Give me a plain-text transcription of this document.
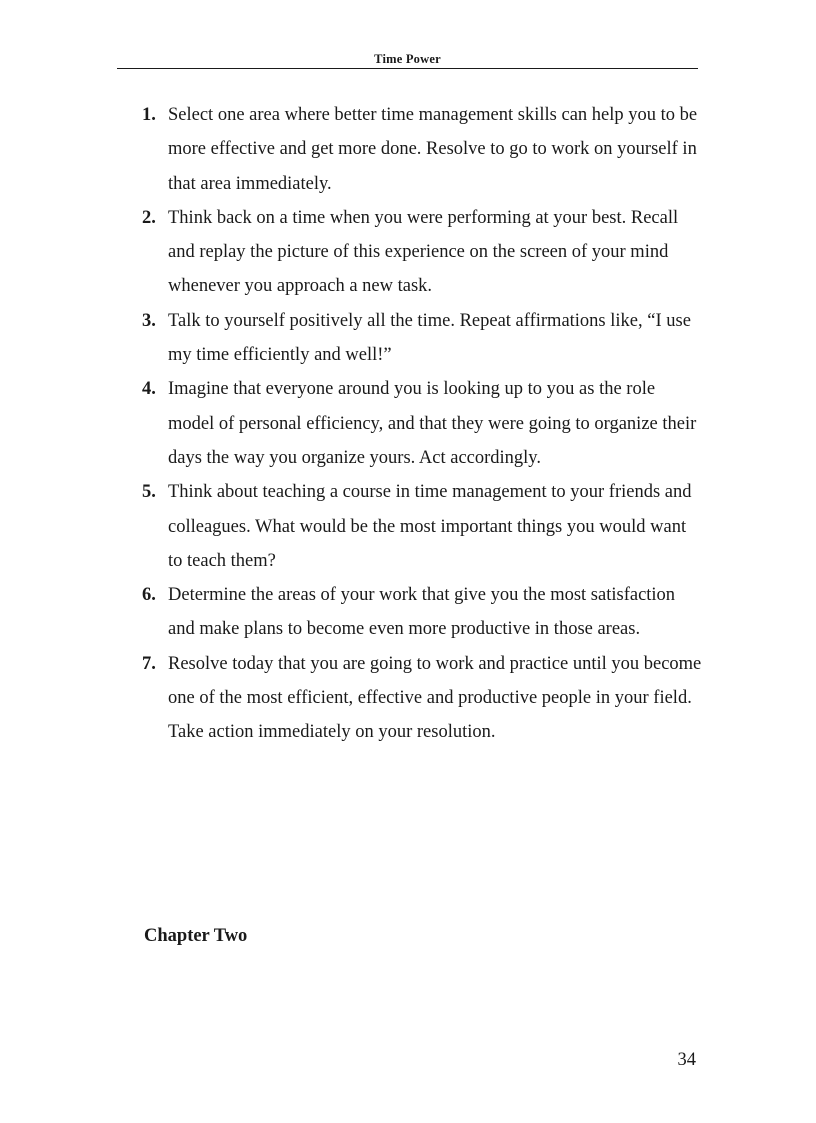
Time Power
1. Select one area where better time management skills can help you to be more effective and get more done. Resolve to go to work on yourself in that area immediately.
2. Think back on a time when you were performing at your best. Recall and replay the picture of this experience on the screen of your mind whenever you approach a new task.
3. Talk to yourself positively all the time. Repeat affirmations like, “I use my time efficiently and well!”
4. Imagine that everyone around you is looking up to you as the role model of personal efficiency, and that they were going to organize their days the way you organize yours. Act accordingly.
5. Think about teaching a course in time management to your friends and colleagues. What would be the most important things you would want to teach them?
6. Determine the areas of your work that give you the most satisfaction and make plans to become even more productive in those areas.
7. Resolve today that you are going to work and practice until you become one of the most efficient, effective and productive people in your field. Take action immediately on your resolution.
Chapter Two
34
